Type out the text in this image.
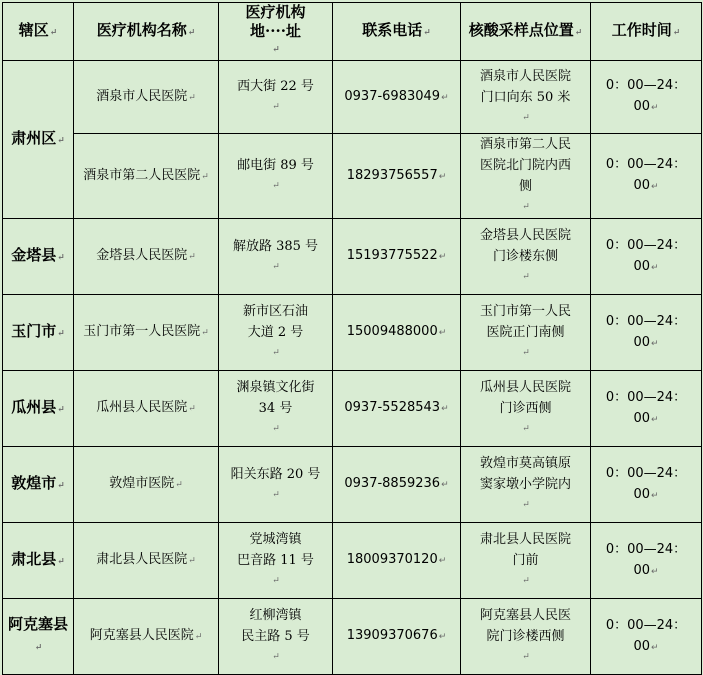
辖区↵	医疗机构名称↵	医疗机构
地····址
↵	联系电话↵	核酸采样点位置↵	工作时间↵

肃州区↵	酒泉市人民医院↵	西大街 22 号
↵	0937-6983049↵	酒泉市人民医院
门口向东 50 米
↵	0：00—24：00↵

	酒泉市第二人民医院↵	邮电街 89 号
↵	18293756557↵	酒泉市第二人民
医院北门院内西
侧
↵	0：00—24：00↵

金塔县↵	金塔县人民医院↵	解放路 385 号
↵	15193775522↵	金塔县人民医院
门诊楼东侧
↵	0：00—24：00↵

玉门市↵	玉门市第一人民医院↵	新市区石油
大道 2 号
↵	15009488000↵	玉门市第一人民
医院正门南侧
↵	0：00—24：00↵

瓜州县↵	瓜州县人民医院↵	渊泉镇文化街
34 号
↵	0937-5528543↵	瓜州县人民医院
门诊西侧
↵	0：00—24：00↵

敦煌市↵	敦煌市医院↵	阳关东路 20 号
↵	0937-8859236↵	敦煌市莫高镇原
窦家墩小学院内
↵	0：00—24：00↵

肃北县↵	肃北县人民医院↵	党城湾镇
巴音路 11 号
↵	18009370120↵	肃北县人民医院
门前
↵	0：00—24：00↵

阿克塞县↵	阿克塞县人民医院↵	红柳湾镇
民主路 5 号
↵	13909370676↵	阿克塞县人民医
院门诊楼西侧
↵	0：00—24：00↵
